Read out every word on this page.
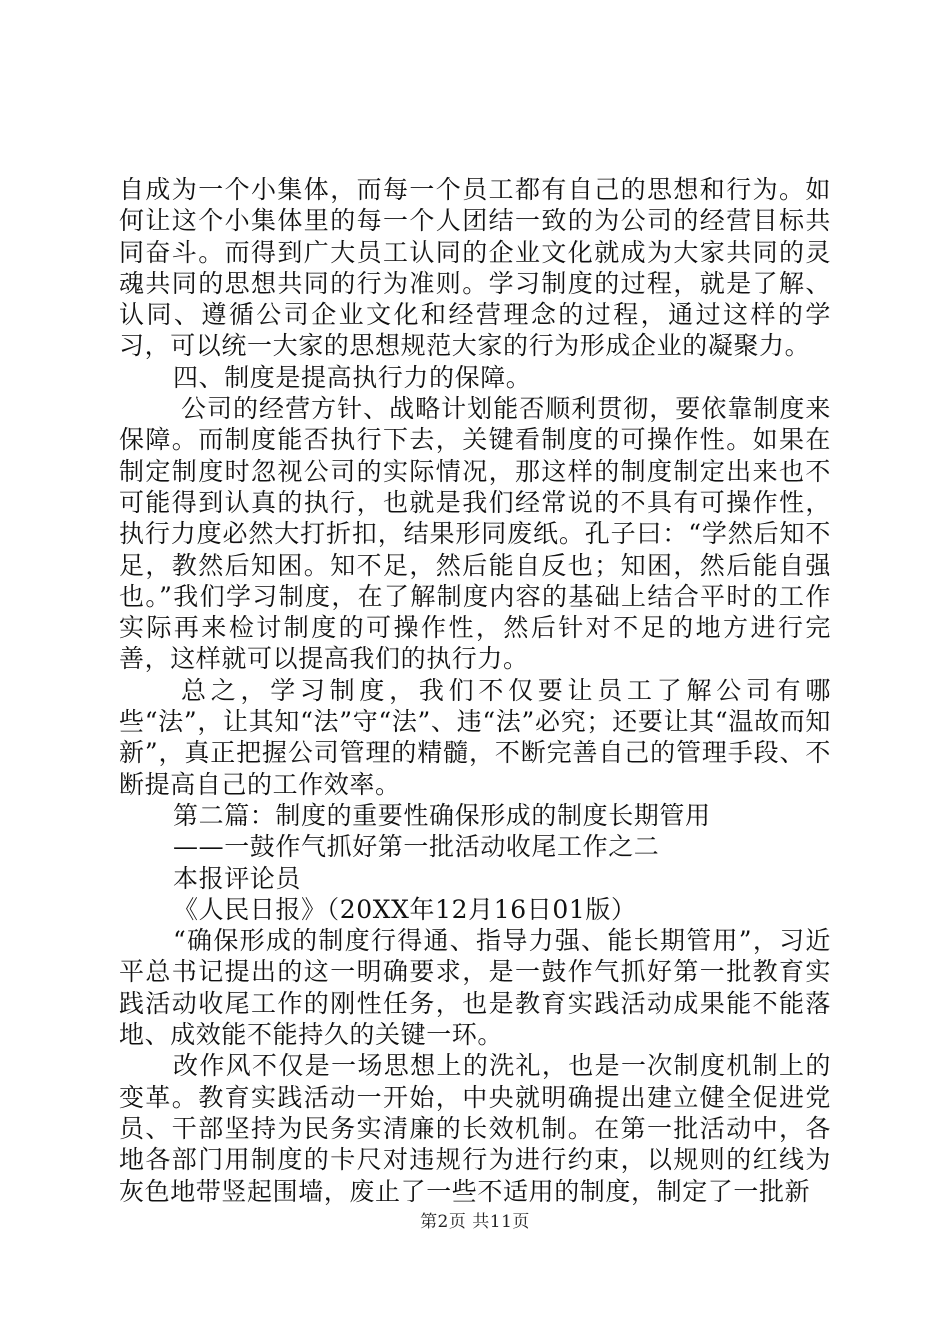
自成为一个小集体，而每一个员工都有自己的思想和行为。如何让这个小集体里的每一个人团结一致的为公司的经营目标共同奋斗。而得到广大员工认同的企业文化就成为大家共同的灵魂共同的思想共同的行为准则。学习制度的过程，就是了解、认同、遵循公司企业文化和经营理念的过程，通过这样的学习，可以统一大家的思想规范大家的行为形成企业的凝聚力。

四、制度是提高执行力的保障。

公司的经营方针、战略计划能否顺利贯彻，要依靠制度来保障。而制度能否执行下去，关键看制度的可操作性。如果在制定制度时忽视公司的实际情况，那这样的制度制定出来也不可能得到认真的执行，也就是我们经常说的不具有可操作性，执行力度必然大打折扣，结果形同废纸。孔子曰：“学然后知不足，教然后知困。知不足，然后能自反也；知困，然后能自强也。”我们学习制度，在了解制度内容的基础上结合平时的工作实际再来检讨制度的可操作性，然后针对不足的地方进行完善，这样就可以提高我们的执行力。

总之，学习制度，我们不仅要让员工了解公司有哪些“法”，让其知“法”守“法”、违“法”必究；还要让其“温故而知新”，真正把握公司管理的精髓，不断完善自己的管理手段、不断提高自己的工作效率。

第二篇：制度的重要性确保形成的制度长期管用

——一鼓作气抓好第一批活动收尾工作之二

本报评论员

《人民日报》（20XX年12月16日01版）

“确保形成的制度行得通、指导力强、能长期管用”，习近平总书记提出的这一明确要求，是一鼓作气抓好第一批教育实践活动收尾工作的刚性任务，也是教育实践活动成果能不能落地、成效能不能持久的关键一环。

改作风不仅是一场思想上的洗礼，也是一次制度机制上的变革。教育实践活动一开始，中央就明确提出建立健全促进党员、干部坚持为民务实清廉的长效机制。在第一批活动中，各地各部门用制度的卡尺对违规行为进行约束，以规则的红线为灰色地带竖起围墙，废止了一些不适用的制度，制定了一批新

第2页 共11页
